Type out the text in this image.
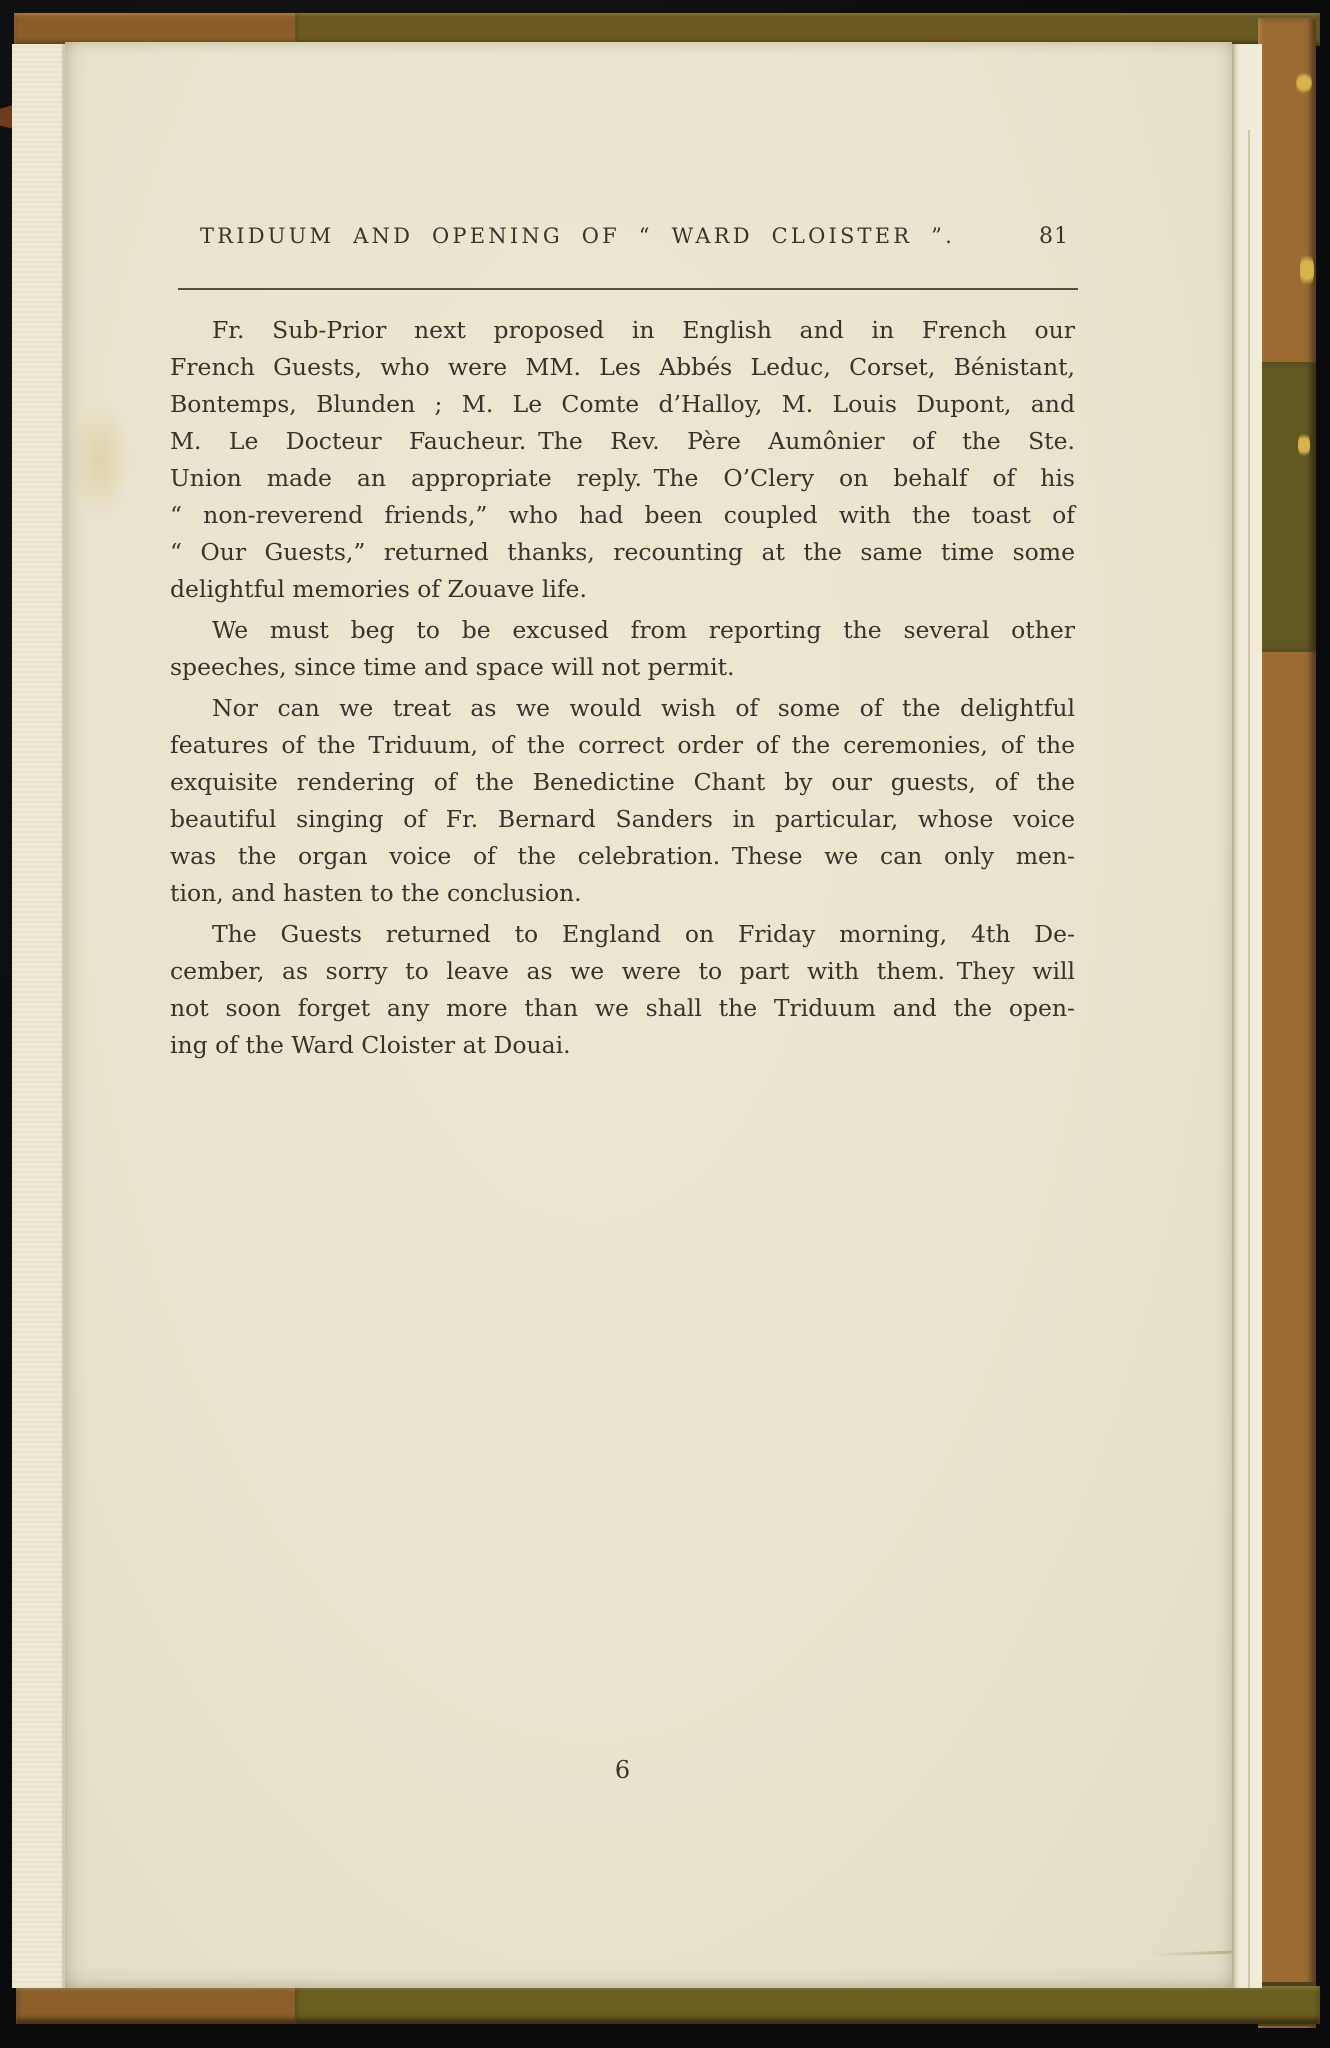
TRIDUUM AND OPENING OF “ WARD CLOISTER ”.	81
Fr. Sub-Prior next proposed in English and in French our
French Guests, who were MM. Les Abbés Leduc, Corset, Bénistant,
Bontemps, Blunden ; M. Le Comte d’Halloy, M. Louis Dupont, and
M. Le Docteur Faucheur. The Rev. Père Aumônier of the Ste.
Union made an appropriate reply. The O’Clery on behalf of his
“ non-reverend friends,” who had been coupled with the toast of
“ Our Guests,” returned thanks, recounting at the same time some
delightful memories of Zouave life.
We must beg to be excused from reporting the several other
speeches, since time and space will not permit.
Nor can we treat as we would wish of some of the delightful
features of the Triduum, of the correct order of the ceremonies, of the
exquisite rendering of the Benedictine Chant by our guests, of the
beautiful singing of Fr. Bernard Sanders in particular, whose voice
was the organ voice of the celebration. These we can only men-
tion, and hasten to the conclusion.
The Guests returned to England on Friday morning, 4th De-
cember, as sorry to leave as we were to part with them. They will
not soon forget any more than we shall the Triduum and the open-
ing of the Ward Cloister at Douai.
6
